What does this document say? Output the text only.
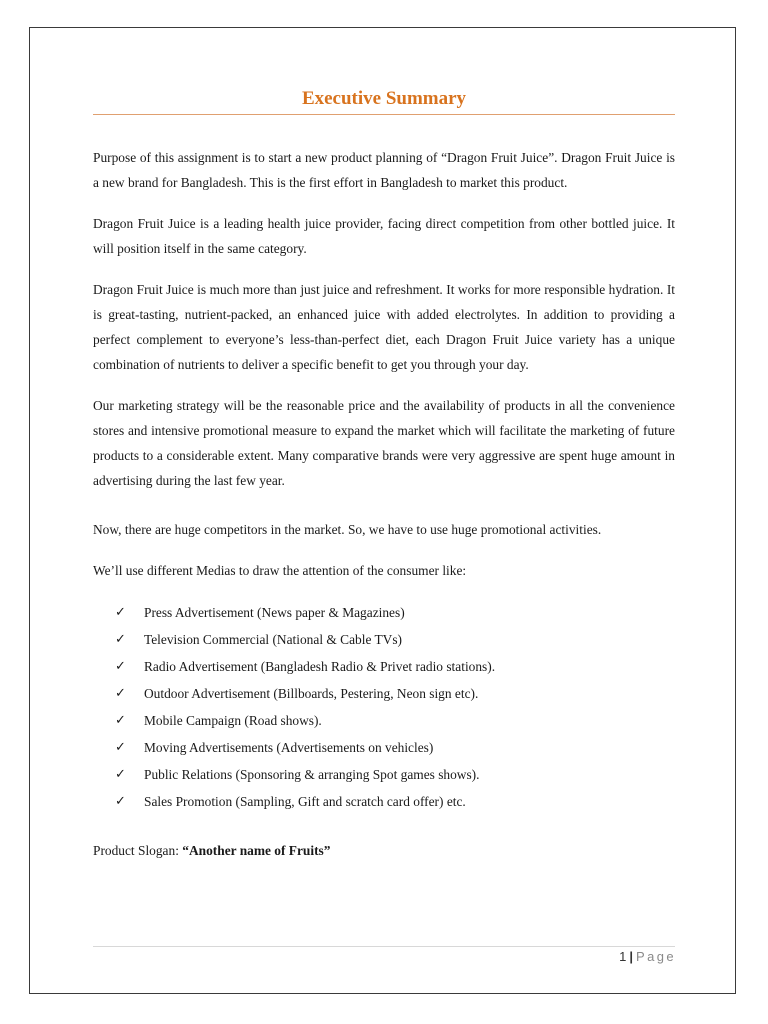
Executive Summary

Purpose of this assignment is to start a new product planning of “Dragon Fruit Juice”. Dragon Fruit Juice is a new brand for Bangladesh. This is the first effort in Bangladesh to market this product.

Dragon Fruit Juice is a leading health juice provider, facing direct competition from other bottled juice. It will position itself in the same category.

Dragon Fruit Juice is much more than just juice and refreshment. It works for more responsible hydration. It is great-tasting, nutrient-packed, an enhanced juice with added electrolytes. In addition to providing a perfect complement to everyone’s less-than-perfect diet, each Dragon Fruit Juice variety has a unique combination of nutrients to deliver a specific benefit to get you through your day.

Our marketing strategy will be the reasonable price and the availability of products in all the convenience stores and intensive promotional measure to expand the market which will facilitate the marketing of future products to a considerable extent. Many comparative brands were very aggressive are spent huge amount in advertising during the last few year.

Now, there are huge competitors in the market. So, we have to use huge promotional activities.

We’ll use different Medias to draw the attention of the consumer like:

✓ Press Advertisement (News paper & Magazines)
✓ Television Commercial (National & Cable TVs)
✓ Radio Advertisement (Bangladesh Radio & Privet radio stations).
✓ Outdoor Advertisement (Billboards, Pestering, Neon sign etc).
✓ Mobile Campaign (Road shows).
✓ Moving Advertisements (Advertisements on vehicles)
✓ Public Relations (Sponsoring & arranging Spot games shows).
✓ Sales Promotion (Sampling, Gift and scratch card offer) etc.

Product Slogan: “Another name of Fruits”

1 | Page
